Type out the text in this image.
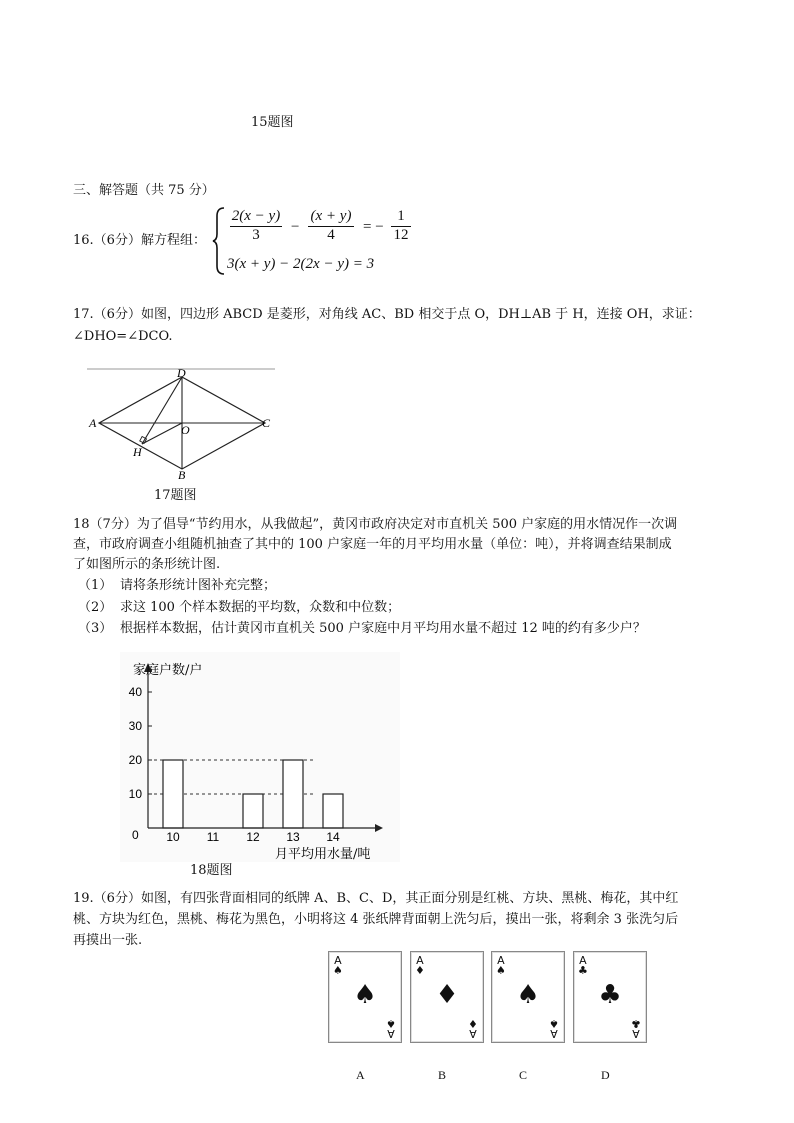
15题图
三、解答题（共 75 分）
16.（6分）解方程组：
2(x − y)
3	−
(x + y)
4	= −
1
12
3(x + y) − 2(2x − y) = 3
17.（6分）如图，四边形 ABCD 是菱形，对角线 AC、BD 相交于点 O，DH⊥AB 于 H，连接 OH，求证：
∠DHO=∠DCO.
A
D
C
B
O
H
17题图
18（7分）为了倡导“节约用水，从我做起”，黄冈市政府决定对市直机关 500 户家庭的用水情况作一次调
查，市政府调查小组随机抽查了其中的 100 户家庭一年的月平均用水量（单位：吨），并将调查结果制成
了如图所示的条形统计图.
（1） 请将条形统计图补充完整；
（2） 求这 100 个样本数据的平均数，众数和中位数；
（3） 根据样本数据，估计黄冈市直机关 500 户家庭中月平均用水量不超过 12 吨的约有多少户？
家庭户数/户
月平均用水量/吨
0
10
20
30
40
10 11 12 13 14
18题图
19.（6分）如图，有四张背面相同的纸牌 A、B、C、D，其正面分别是红桃、方块、黑桃、梅花，其中红
桃、方块为红色，黑桃、梅花为黑色，小明将这 4 张纸牌背面朝上洗匀后，摸出一张，将剩余 3 张洗匀后
再摸出一张.
A
♠
♠
A
♠
A
A
♦
♦
A
♦
B
A
♠
♠
A
♠
C
A
♣
♣
A
♣
D
